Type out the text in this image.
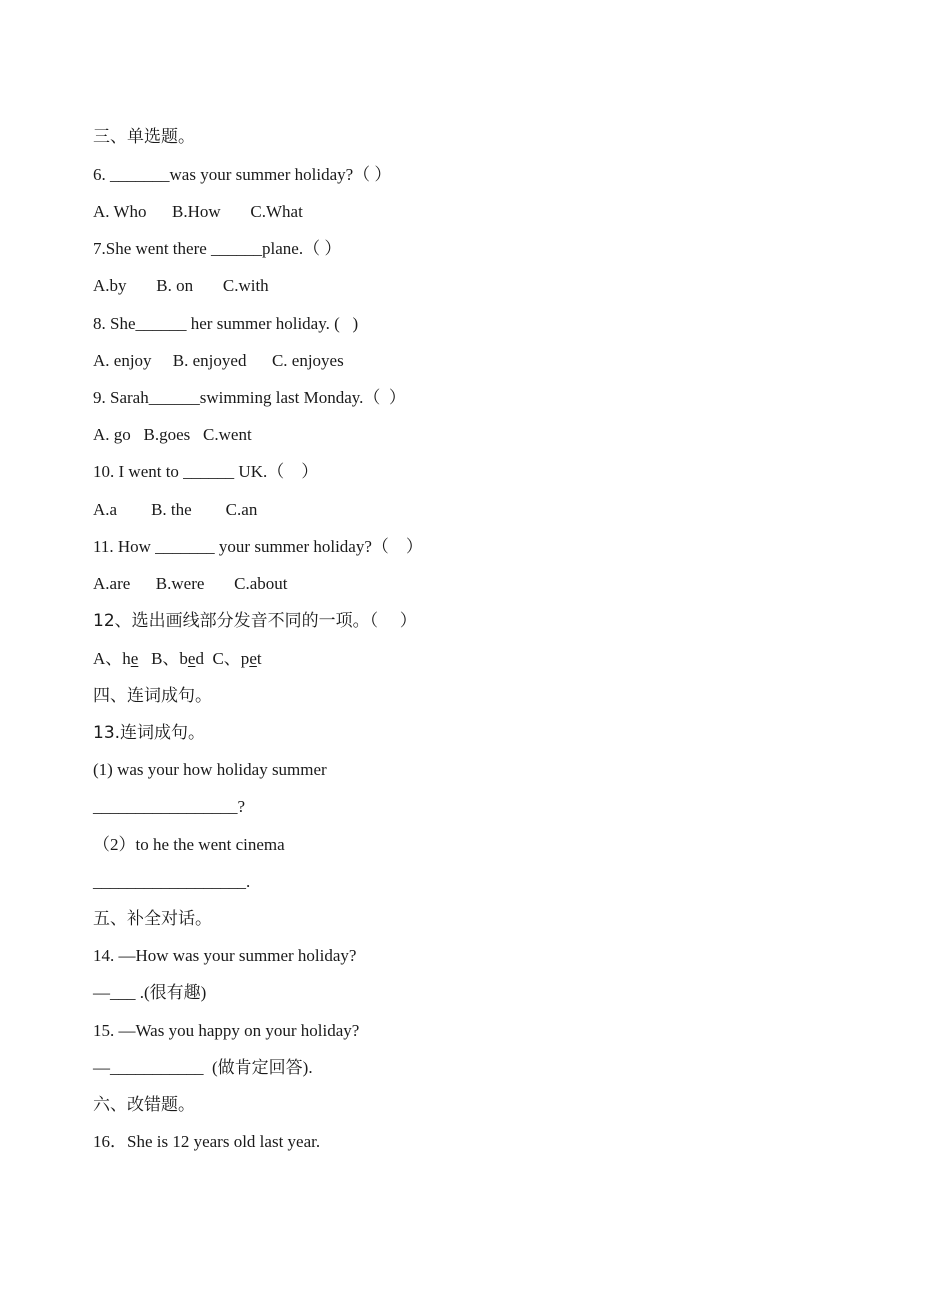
三、单选题。
6. _______was your summer holiday?（ ）
A. Who      B.How       C.What
7.She went there ______plane.（ ）
A.by       B. on       C.with
8. She______ her summer holiday. (   )
A. enjoy     B. enjoyed      C. enjoyes
9. Sarah______swimming last Monday.（  ）
A. go   B.goes   C.went
10. I went to ______ UK.（    ）
A.a        B. the        C.an
11. How _______ your summer holiday?（    ）
A.are      B.were       C.about
12、选出画线部分发音不同的一项。（    ）
A、he   B、bed  C、pet
四、连词成句。
13.连词成句。
(1) was your how holiday summer
_________________?
（2）to he the went cinema
__________________.
五、补全对话。
14. —How was your summer holiday?
—___ .(很有趣)
15. —Was you happy on your holiday?
—___________  (做肯定回答).
六、改错题。
16．She is 12 years old last year.
